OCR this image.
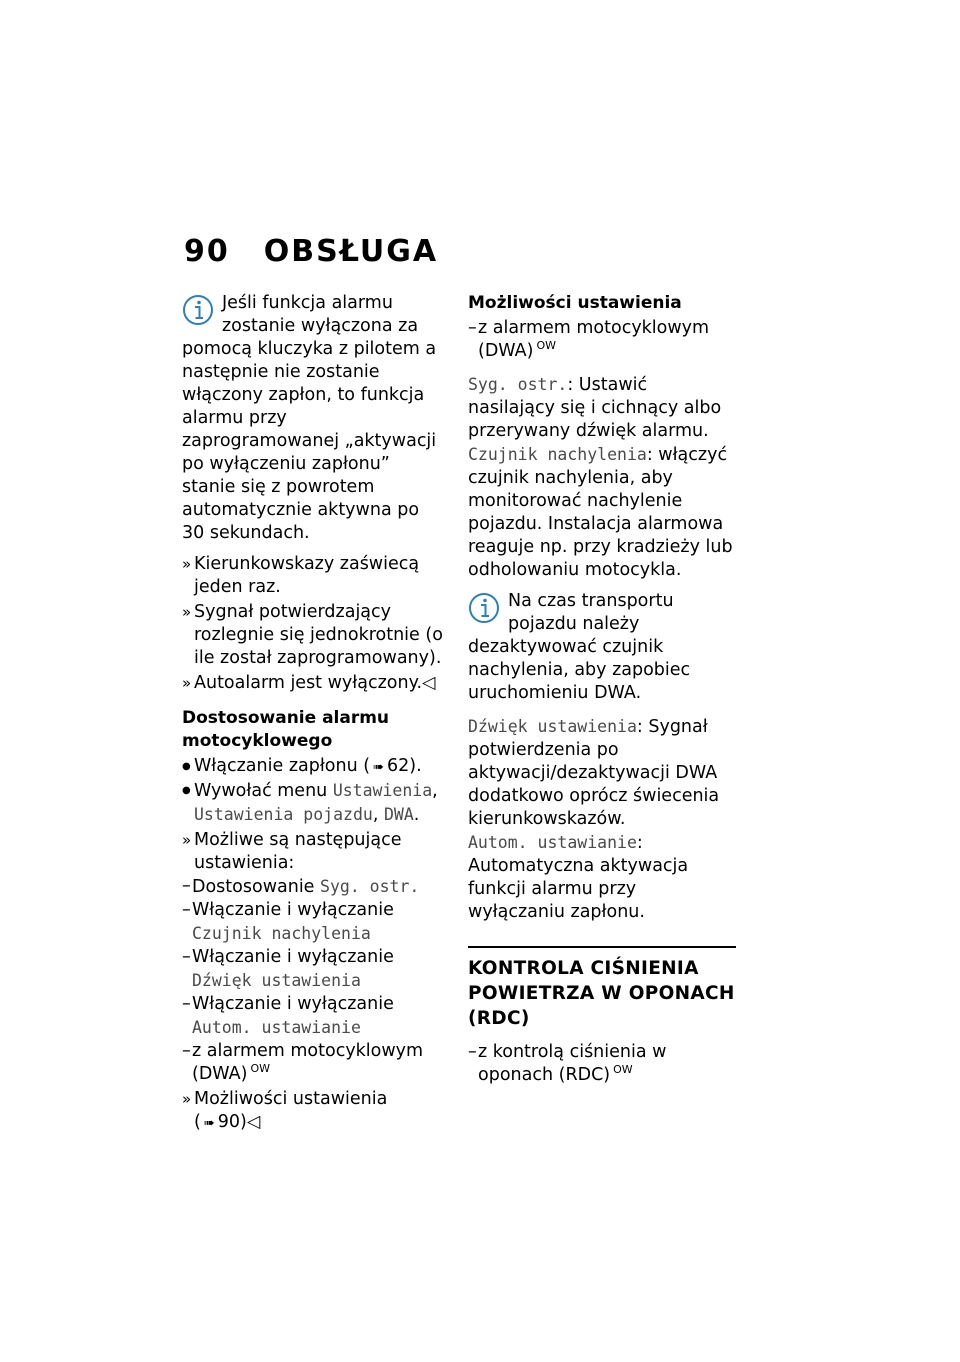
90 OBSŁUGA

Jeśli funkcja alarmu zostanie wyłączona za pomocą kluczyka z pilotem a następnie nie zostanie włączony zapłon, to funkcja alarmu przy zaprogramowanej „aktywacji po wyłączeniu zapłonu” stanie się z powrotem automatycznie aktywna po 30 sekundach.

» Kierunkowskazy zaświecą jeden raz.
» Sygnał potwierdzający rozlegnie się jednokrotnie (o ile został zaprogramowany).
» Autoalarm jest wyłączony.◁
Dostosowanie alarmu motocyklowego
● Włączanie zapłonu ( ➠ 62).
● Wywołać menu Ustawienia, Ustawienia pojazdu, DWA.
» Możliwe są następujące ustawienia:
– Dostosowanie Syg. ostr.
– Włączanie i wyłączanie Czujnik nachylenia
– Włączanie i wyłączanie Dźwięk ustawienia
– Włączanie i wyłączanie Autom. ustawianie
– z alarmem motocyklowym (DWA) $^{OW}$
» Możliwości ustawienia ( ➠ 90)◁
Możliwości ustawienia
– z alarmem motocyklowym (DWA) $^{OW}$

Syg. ostr.: Ustawić nasilający się i cichnący albo przerywany dźwięk alarmu.

Czujnik nachylenia: włączyć czujnik nachylenia, aby monitorować nachylenie pojazdu. Instalacja alarmowa reaguje np. przy kradzieży lub odholowaniu motocykla.

Na czas transportu pojazdu należy dezaktywować czujnik nachylenia, aby zapobiec uruchomieniu DWA.

Dźwięk ustawienia: Sygnał potwierdzenia po aktywacji/dezaktywacji DWA dodatkowo oprócz świecenia kierunkowskazów.

Autom. ustawianie: Automatyczna aktywacja funkcji alarmu przy wyłączaniu zapłonu.

KONTROLA CIŚNIENIA POWIETRZA W OPONACH (RDC)
– z kontrolą ciśnienia w oponach (RDC) $^{OW}$
